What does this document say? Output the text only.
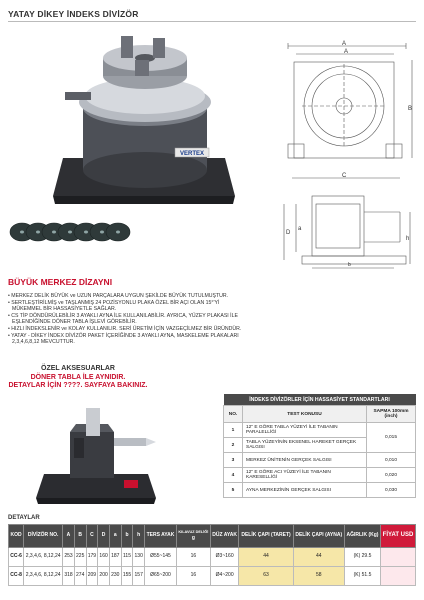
YATAY DİKEY İNDEKS DİVİZÖR
VERTEX
A
A
B
C
D
a
b
h
BÜYÜK MERKEZ DİZAYNI
• MERKEZ DELİK BÜYÜK ve UZUN PARÇALARA UYGUN ŞEKİLDE BÜYÜK TUTULMUŞTUR.
• SERTLEŞTİRİLMİŞ ve TAŞLANMIŞ 24 POZİSYONLU PLAKA ÖZEL BİR AÇI OLAN 15°'Yİ
MÜKEMMEL BİR HASSASİYETLE SAĞLAR.
• CS TİP DÖNDÜRÜLEBİLİR 3 AYAKLI AYNA İLE KULLANILABİLİR. AYRICA, YÜZEY PLAKASI İLE
EŞLENDİĞİNDE DÖNER TABLA İŞLEVİ GÖREBİLİR.
• HIZLI İNDEKSLENİR ve KOLAY KULLANILIR. SERİ ÜRETİM İÇİN VAZGEÇİLMEZ BİR ÜRÜNDÜR.
• YATAY - DİKEY İNDEX DİVİZÖR PAKET İÇERİĞİNDE 3 AYAKLI AYNA, MASKELEME PLAKALARI
2,3,4,6,8,12 MEVCUTTUR.
ÖZEL AKSESUARLAR
DÖNER TABLA İLE AYNIDIR.
DETAYLAR İÇİN ????. SAYFAYA BAKINIZ.
İNDEKS DİVİZÖRLER İÇİN HASSASİYET STANDARTLARI		
NO.	TEST KONUSU	SAPMA 100mm (inch)
1	12" E GÖRE TABLA YÜZEYİ İLE TABANIN PARALELLİĞİ	0,015
2	TABLA YÜZEYİNİN EKSENEL HAREKET GERÇEK SALGISI	
3	MERKEZ ÜNİTENİN GERÇEK SALGISI	0,010
4	12" E GÖRE ACI YÜZEYİ İLE TABANIN KARESELLİĞİ	0,020
5	AYNA MERKEZİNİN GERÇEK SALGISI	0,030
DETAYLAR
KOD	DİVİZÖR NO.	A	B	C	D	a	b	h	TERS AYAK	KILAVUZ DELİĞİ
g	DÜZ AYAK	DELİK ÇAPI (TARET)	DELİK ÇAPI (AYNA)	AĞIRLIK (Kg)	FİYAT USD
CC-6	2,3,4,6, 8,12,24	253	225	179	160	187	115	130	Ø55~145	16	Ø3~160	44	44	(K) 29.5	
CC-8	2,3,4,6, 8,12,24	318	274	209	200	230	155	157	Ø65~200	16	Ø4~200	63	58	(K) 51.5	
